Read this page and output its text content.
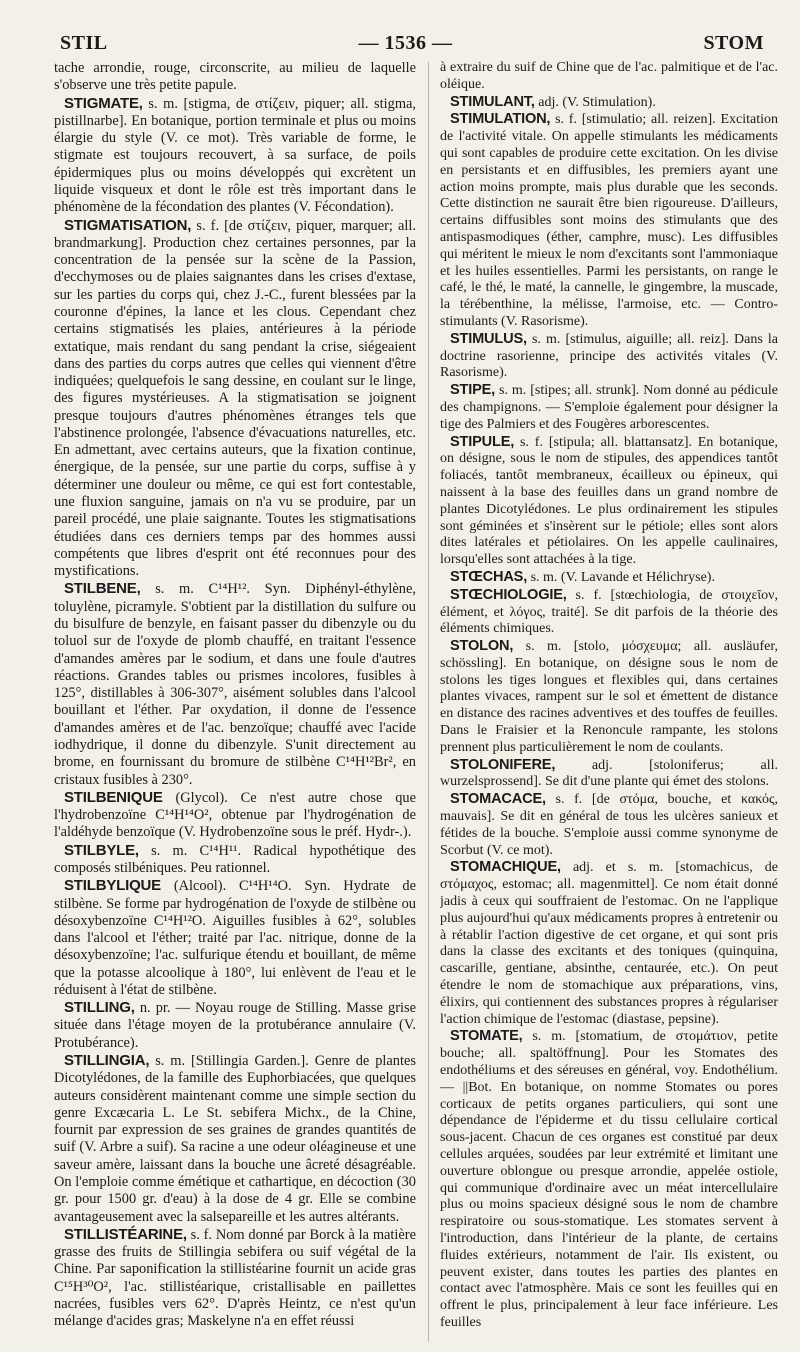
STIL	— 1536 —	STOM

tache arrondie, rouge, circonscrite, au milieu de laquelle s'observe une très petite papule.

STIGMATE, s. m. [stigma, de στίζειν, piquer; all. stigma, pistillnarbe]. En botanique, portion terminale et plus ou moins élargie du style (V. ce mot). Très variable de forme, le stigmate est toujours recouvert, à sa surface, de poils épidermiques plus ou moins développés qui excrètent un liquide visqueux et dont le rôle est très important dans le phénomène de la fécondation des plantes (V. Fécondation).

STIGMATISATION, s. f. [de στίζειν, piquer, marquer; all. brandmarkung]. Production chez certaines personnes, par la concentration de la pensée sur la scène de la Passion, d'ecchymoses ou de plaies saignantes dans les crises d'extase, sur les parties du corps qui, chez J.-C., furent blessées par la couronne d'épines, la lance et les clous. Cependant chez certains stigmatisés les plaies, antérieures à la période extatique, mais rendant du sang pendant la crise, siégeaient dans des parties du corps autres que celles qui viennent d'être indiquées; quelquefois le sang dessine, en coulant sur le linge, des figures mystérieuses. A la stigmatisation se joignent presque toujours d'autres phénomènes étranges tels que l'abstinence prolongée, l'absence d'évacuations naturelles, etc. En admettant, avec certains auteurs, que la fixation continue, énergique, de la pensée, sur une partie du corps, suffise à y déterminer une douleur ou même, ce qui est fort contestable, une fluxion sanguine, jamais on n'a vu se produire, par un pareil procédé, une plaie saignante. Toutes les stigmatisations étudiées dans ces derniers temps par des hommes aussi compétents que libres d'esprit ont été reconnues pour des mystifications.

STILBENE, s. m. C¹⁴H¹². Syn. Diphényl-éthylène, toluylène, picramyle. S'obtient par la distillation du sulfure ou du bisulfure de benzyle, en faisant passer du dibenzyle ou du toluol sur de l'oxyde de plomb chauffé, en traitant l'essence d'amandes amères par le sodium, et dans une foule d'autres réactions. Grandes tables ou prismes incolores, fusibles à 125°, distillables à 306-307°, aisément solubles dans l'alcool bouillant et l'éther. Par oxydation, il donne de l'essence d'amandes amères et de l'ac. benzoïque; chauffé avec l'acide iodhydrique, il donne du dibenzyle. S'unit directement au brome, en fournissant du bromure de stilbène C¹⁴H¹²Br², en cristaux fusibles à 230°.

STILBENIQUE (Glycol). Ce n'est autre chose que l'hydrobenzoïne C¹⁴H¹⁴O², obtenue par l'hydrogénation de l'aldéhyde benzoïque (V. Hydrobenzoïne sous le préf. Hydr-.).

STILBYLE, s. m. C¹⁴H¹¹. Radical hypothétique des composés stilbéniques. Peu rationnel.

STILBYLIQUE (Alcool). C¹⁴H¹⁴O. Syn. Hydrate de stilbène. Se forme par hydrogénation de l'oxyde de stilbène ou désoxybenzoïne C¹⁴H¹²O. Aiguilles fusibles à 62°, solubles dans l'alcool et l'éther; traité par l'ac. nitrique, donne de la désoxybenzoïne; l'ac. sulfurique étendu et bouillant, de même que la potasse alcoolique à 180°, lui enlèvent de l'eau et le réduisent à l'état de stilbène.

STILLING, n. pr. — Noyau rouge de Stilling. Masse grise située dans l'étage moyen de la protubérance annulaire (V. Protubérance).

STILLINGIA, s. m. [Stillingia Garden.]. Genre de plantes Dicotylédones, de la famille des Euphorbiacées, que quelques auteurs considèrent maintenant comme une simple section du genre Excæcaria L. Le St. sebifera Michx., de la Chine, fournit par expression de ses graines de grandes quantités de suif (V. Arbre a suif). Sa racine a une odeur oléagineuse et une saveur amère, laissant dans la bouche une âcreté désagréable. On l'emploie comme émétique et cathartique, en décoction (30 gr. pour 1500 gr. d'eau) à la dose de 4 gr. Elle se combine avantageusement avec la salsepareille et les autres altérants.

STILLISTÉARINE, s. f. Nom donné par Borck à la matière grasse des fruits de Stillingia sebifera ou suif végétal de la Chine. Par saponification la stillistéarine fournit un acide gras C¹⁵H³⁰O², l'ac. stillistéarique, cristallisable en paillettes nacrées, fusibles vers 62°. D'après Heintz, ce n'est qu'un mélange d'acides gras; Maskelyne n'a en effet réussi

à extraire du suif de Chine que de l'ac. palmitique et de l'ac. oléique.

STIMULANT, adj. (V. Stimulation).

STIMULATION, s. f. [stimulatio; all. reizen]. Excitation de l'activité vitale. On appelle stimulants les médicaments qui sont capables de produire cette excitation. On les divise en persistants et en diffusibles, les premiers ayant une action moins prompte, mais plus durable que les seconds. Cette distinction ne saurait être bien rigoureuse. D'ailleurs, certains diffusibles sont moins des stimulants que des antispasmodiques (éther, camphre, musc). Les diffusibles qui méritent le mieux le nom d'excitants sont l'ammoniaque et les huiles essentielles. Parmi les persistants, on range le café, le thé, le maté, la cannelle, le gingembre, la muscade, la térébenthine, la mélisse, l'armoise, etc. — Contro-stimulants (V. Rasorisme).

STIMULUS, s. m. [stimulus, aiguille; all. reiz]. Dans la doctrine rasorienne, principe des activités vitales (V. Rasorisme).

STIPE, s. m. [stipes; all. strunk]. Nom donné au pédicule des champignons. — S'emploie également pour désigner la tige des Palmiers et des Fougères arborescentes.

STIPULE, s. f. [stipula; all. blattansatz]. En botanique, on désigne, sous le nom de stipules, des appendices tantôt foliacés, tantôt membraneux, écailleux ou épineux, qui naissent à la base des feuilles dans un grand nombre de plantes Dicotylédones. Le plus ordinairement les stipules sont géminées et s'insèrent sur le pétiole; elles sont alors dites latérales et pétiolaires. On les appelle caulinaires, lorsqu'elles sont attachées à la tige.

STŒCHAS, s. m. (V. Lavande et Hélichryse).

STŒCHIOLOGIE, s. f. [stœchiologia, de στοιχεῖον, élément, et λόγος, traité]. Se dit parfois de la théorie des éléments chimiques.

STOLON, s. m. [stolo, μόσχευμα; all. ausläufer, schössling]. En botanique, on désigne sous le nom de stolons les tiges longues et flexibles qui, dans certaines plantes vivaces, rampent sur le sol et émettent de distance en distance des racines adventives et des touffes de feuilles. Dans le Fraisier et la Renoncule rampante, les stolons prennent plus particulièrement le nom de coulants.

STOLONIFERE,	adj. [stoloniferus; all. wurzelsprossend]. Se dit d'une plante qui émet des stolons.

STOMACACE, s. f. [de στόμα, bouche, et κακός, mauvais]. Se dit en général de tous les ulcères sanieux et fétides de la bouche. S'emploie aussi comme synonyme de Scorbut (V. ce mot).

STOMACHIQUE, adj. et s. m. [stomachicus, de στόμαχος, estomac; all. magenmittel]. Ce nom était donné jadis à ceux qui souffraient de l'estomac. On ne l'applique plus aujourd'hui qu'aux médicaments propres à entretenir ou à rétablir l'action digestive de cet organe, et qui sont pris dans la classe des excitants et des toniques (quinquina, cascarille, gentiane, absinthe, centaurée, etc.). On peut étendre le nom de stomachique aux préparations, vins, élixirs, qui contiennent des substances propres à régulariser l'action chimique de l'estomac (diastase, pepsine).

STOMATE, s. m. [stomatium, de στομάτιον, petite bouche; all. spaltöffnung]. Pour les Stomates des endothéliums et des séreuses en général, voy. Endothélium. — ||Bot. En botanique, on nomme Stomates ou pores corticaux de petits organes particuliers, qui sont une dépendance de l'épiderme et du tissu cellulaire cortical sous-jacent. Chacun de ces organes est constitué par deux cellules arquées, soudées par leur extrémité et limitant une ouverture oblongue ou presque arrondie, appelée ostiole, qui communique d'ordinaire avec un méat intercellulaire plus ou moins spacieux désigné sous le nom de chambre respiratoire ou sous-stomatique. Les stomates servent à l'introduction, dans l'intérieur de la plante, de certains fluides extérieurs, notamment de l'air. Ils existent, ou peuvent exister, dans toutes les parties des plantes en contact avec l'atmosphère. Mais ce sont les feuilles qui en offrent le plus, principalement à leur face inférieure. Les feuilles
